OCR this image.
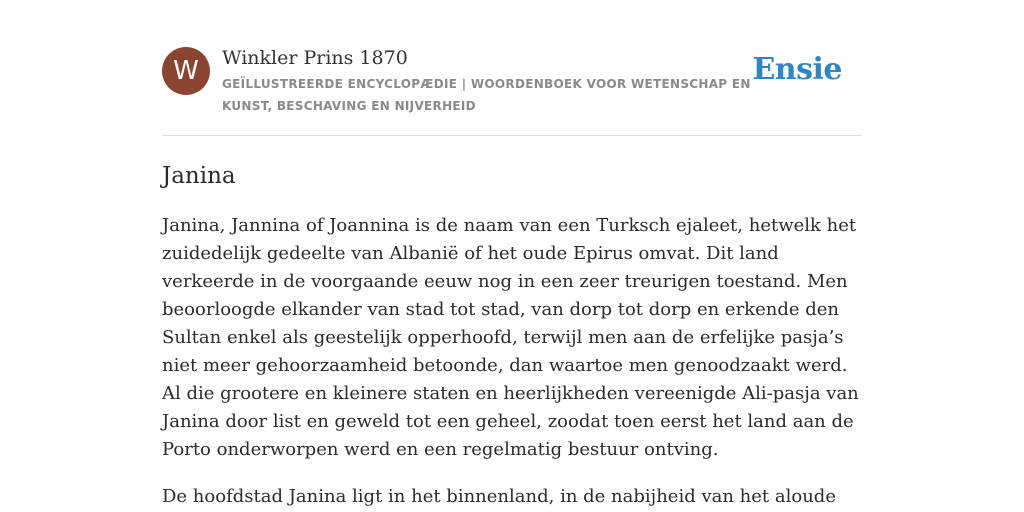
W Winkler Prins 1870
GEÏLLUSTREERDE ENCYCLOPÆDIE | WOORDENBOEK VOOR WETENSCHAP EN KUNST, BESCHAVING EN NIJVERHEID
Ensie
Janina

Janina, Jannina of Joannina is de naam van een Turksch ejaleet, hetwelk het zuidedelijk gedeelte van Albanië of het oude Epirus omvat. Dit land verkeerde in de voorgaande eeuw nog in een zeer treurigen toestand. Men beoorloogde elkander van stad tot stad, van dorp tot dorp en erkende den Sultan enkel als geestelijk opperhoofd, terwijl men aan de erfelijke pasja’s niet meer gehoorzaamheid betoonde, dan waartoe men genoodzaakt werd. Al die grootere en kleinere staten en heerlijkheden vereenigde Ali-pasja van Janina door list en geweld tot een geheel, zoodat toen eerst het land aan de Porto onderworpen werd en een regelmatig bestuur ontving.

De hoofdstad Janina ligt in het binnenland, in de nabijheid van het aloude
